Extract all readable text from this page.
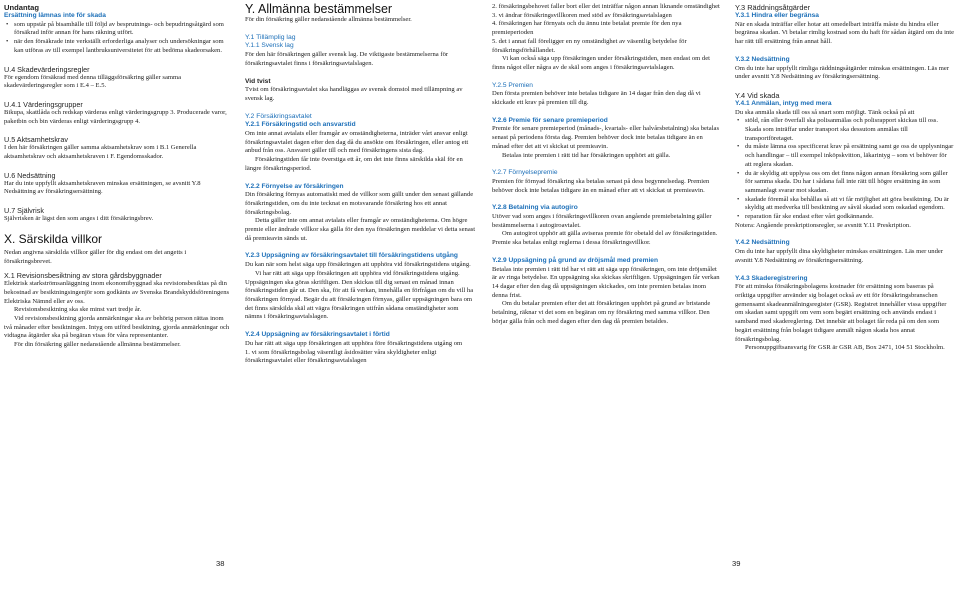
Undantag
Ersättning lämnas inte för skada
• som uppstår på bisamhälle till följd av besprutnings- och bepudringsåtgärd som försäkrad inför annan för hans räkning utfört.
• när den försäkrade inte verkställt erforderliga analyser och undersökningar som kan utföras av till exempel lantbruksuniversitetet för att bedöma skadeorsaken.
U.4 Skadevärderingsregler

För egendom försäkrad med denna tilläggsförsäkring gäller samma skadevärderingsregler som i E.4 – E.5.

U.4.1 Värderingsgrupper

Bikupa, skattlåda och redskap värderas enligt värderingsgrupp 3. Producerade varor, paketbin och bin värderas enligt värderingsgrupp 4.

U.5 Aktsamhetskrav

I den här försäkringen gäller samma aktsamhetskrav som i B.1 Generella aktsamhetskrav och aktsamhetskraven i F. Egendomsskador.

U.6 Nedsättning

Har du inte uppfyllt aktsamhetskraven minskas ersättningen, se avsnitt Y.8 Nedsättning av försäkringsersättning.

U.7 Självrisk

Självrisken är lägst den som anges i ditt försäkringsbrev.

X. Särskilda villkor

Nedan angivna särskilda villkor gäller för dig endast om det angetts i försäkringsbrevet.

X.1 Revisionsbesiktning av stora gårdsbyggnader

Elektrisk starkströmsanläggning inom ekonomibyggnad ska revisionsbesiktas på din bekostnad av besiktningsingenjör som godkänts av Svenska Brandskyddsföreningens Elektriska Nämnd eller av oss.

Revisionsbesiktning ska ske minst vart tredje år.

Vid revisionsbesiktning gjorda anmärkningar ska av behörig person rättas inom två månader efter besiktningen. Intyg om utförd besiktning, gjorda anmärkningar och vidtagna åtgärder ska på begäran visas för våra representanter.

För din försäkring gäller nedanstående allmänna bestämmelser.

Y. Allmänna bestämmelser

För din försäkring gäller nedanstående allmänna bestämmelser.

Y.1 Tillämplig lag
Y.1.1 Svensk lag

För den här försäkringen gäller svensk lag. De viktigaste bestämmelserna för försäkringsavtalet finns i försäkringsavtalslagen.

Vid tvist

Tvist om försäkringsavtalet ska handläggas av svensk domstol med tillämpning av svensk lag.

Y.2 Försäkringsavtalet
Y.2.1 Försäkringstid och ansvarstid

Om inte annat avtalats eller framgår av omständigheterna, inträder vårt ansvar enligt försäkringsavtalet dagen efter den dag då du ansökte om försäkringen, eller antog ett anbud från oss. Ansvaret gäller till och med försäkringens sista dag.

Försäkringstiden får inte överstiga ett år, om det inte finns särskilda skäl för en längre försäkringsperiod.

Y.2.2 Förnyelse av försäkringen

Din försäkring förnyas automatiskt med de villkor som gällt under den senast gällande försäkringstiden, om du inte tecknat en motsvarande försäkring hos ett annat försäkringsbolag.

Detta gäller inte om annat avtalats eller framgår av omständigheterna. Om högre premie eller ändrade villkor ska gälla för den nya försäkringen meddelar vi detta senast då premieavin sänds ut.

Y.2.3 Uppsägning av försäkringsavtalet till försäkringstidens utgång

Du kan när som helst säga upp försäkringen att upphöra vid försäkringstidens utgång.

Vi har rätt att säga upp försäkringen att upphöra vid försäkringstidens utgång. Uppsägningen ska göras skriftligen. Den skickas till dig senast en månad innan försäkringstiden går ut. Den ska, för att få verkan, innehålla en förfrågan om du vill ha försäkringen förnyad. Begär du att försäkringen förnyas, gäller uppsägningen bara om det finns särskilda skäl att vägra försäkringen utifrån sådana omständigheter som nämns i försäkringsavtalslagen.

Y.2.4 Uppsägning av försäkringsavtalet i förtid

Du har rätt att säga upp försäkringen att upphöra före försäkringstidens utgång om

1. vi som försäkringsbolag väsentligt åsidosätter våra skyldigheter enligt försäkringsavtalet eller försäkringsavtalslagen

2. försäkringsbehovet faller bort eller det inträffar någon annan liknande omständighet

3. vi ändrar försäkringsvillkoren med stöd av försäkringsavtalslagen

4. försäkringen har förnyats och du ännu inte betalat premie för den nya premieperioden

5. det i annat fall föreligger en ny omständighet av väsentlig betydelse för försäkringsförhållandet.

Vi kan också säga upp försäkringen under försäkringstiden, men endast om det finns något eller några av de skäl som anges i försäkringsavtalslagen.

Y.2.5 Premien

Den första premien behöver inte betalas tidigare än 14 dagar från den dag då vi skickade ett krav på premien till dig.

Y.2.6 Premie för senare premieperiod

Premie för senare premieperiod (månads-, kvartals- eller halvårsbetalning) ska betalas senast på periodens första dag. Premien behöver dock inte betalas tidigare än en månad efter det att vi skickat ut premieavin.

Betalas inte premien i rätt tid har försäkringen upphört att gälla.

Y.2.7 Förnyelsepremie

Premien för förnyad försäkring ska betalas senast på dess begynnelsedag. Premien behöver dock inte betalas tidigare än en månad efter att vi skickat ut premieavin.

Y.2.8 Betalning via autogiro

Utöver vad som anges i försäkringsvillkoren ovan angående premiebetalning gäller bestämmelserna i autogiroavtalet.

Om autogirot upphör att gälla aviseras premie för obetald del av försäkringstiden. Premie ska betalas enligt reglerna i dessa försäkringsvillkor.

Y.2.9 Uppsägning på grund av dröjsmål med premien

Betalas inte premien i rätt tid har vi rätt att säga upp försäkringen, om inte dröjsmålet är av ringa betydelse. En uppsägning ska skickas skriftligen. Uppsägningen får verkan 14 dagar efter den dag då uppsägningen skickades, om inte premien betalas inom denna frist.

Om du betalar premien efter det att försäkringen upphört på grund av bristande betalning, räknar vi det som en begäran om ny försäkring med samma villkor. Den börjar gälla från och med dagen efter den dag då premien betaldes.

Y.3 Räddningsåtgärder
Y.3.1 Hindra eller begränsa

När en skada inträffar eller hotar att omedelbart inträffa måste du hindra eller begränsa skadan. Vi betalar rimlig kostnad som du haft för sådan åtgärd om du inte har rätt till ersättning från annat håll.

Y.3.2 Nedsättning

Om du inte har uppfyllt rimliga räddningsåtgärder minskas ersättningen. Läs mer under avsnitt Y.8 Nedsättning av försäkringsersättning.

Y.4 Vid skada
Y.4.1 Anmälan, intyg med mera

Du ska anmäla skada till oss så snart som möjligt. Tänk också på att

• stöld, rån eller överfall ska polisanmälas och polisrapport skickas till oss. Skada som inträffar under transport ska dessutom anmälas till transportföretaget.
• du måste lämna oss specificerat krav på ersättning samt ge oss de upplysningar och handlingar – till exempel inköpskvitton, läkarintyg – som vi behöver för att reglera skadan.
• du är skyldig att upplysa oss om det finns någon annan försäkring som gäller för samma skada. Du har i sådana fall inte rätt till högre ersättning än som sammanlagt svarar mot skadan.
• skadade föremål ska behållas så att vi får möjlighet att göra besiktning. Du är skyldig att medverka till besiktning av såväl skadad som oskadad egendom.
• reparation får ske endast efter vårt godkännande.

Notera: Angående preskriptionsregler, se avsnitt Y.11 Preskription.

Y.4.2 Nedsättning

Om du inte har uppfyllt dina skyldigheter minskas ersättningen. Läs mer under avsnitt Y.8 Nedsättning av försäkringsersättning.

Y.4.3 Skaderegistrering

För att minska försäkringsbolagens kostnader för ersättning som baseras på oriktiga uppgifter använder sig bolaget också av ett för försäkringsbranschen gemensamt skadeanmälningsregister (GSR). Registret innehåller vissa uppgifter om skadan samt uppgift om vem som begärt ersättning och används endast i samband med skadereglering. Det innebär att bolaget får reda på om den som begärt ersättning från bolaget tidigare anmält någon skada hos annat försäkringsbolag.

Personuppgiftsansvarig för GSR är GSR AB, Box 2471, 104 51 Stockholm.

38	39
